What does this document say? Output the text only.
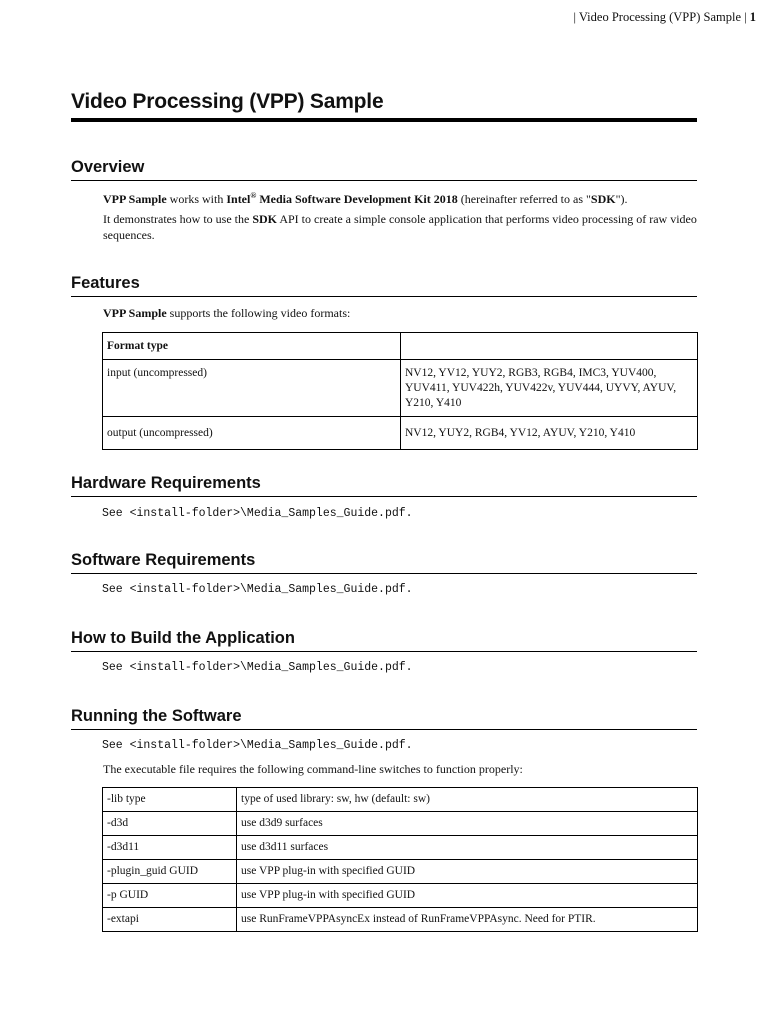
| Video Processing (VPP) Sample | 1
Video Processing (VPP) Sample
Overview

VPP Sample works with Intel® Media Software Development Kit 2018 (hereinafter referred to as "SDK").

It demonstrates how to use the SDK API to create a simple console application that performs video processing of raw video sequences.

Features

VPP Sample supports the following video formats:

Format type	
input (uncompressed)	NV12, YV12, YUY2, RGB3, RGB4, IMC3, YUV400, YUV411, YUV422h, YUV422v, YUV444, UYVY, AYUV, Y210, Y410
output (uncompressed)	NV12, YUY2, RGB4, YV12, AYUV, Y210, Y410
Hardware Requirements

See <install-folder>\Media_Samples_Guide.pdf.

Software Requirements

See <install-folder>\Media_Samples_Guide.pdf.

How to Build the Application

See <install-folder>\Media_Samples_Guide.pdf.

Running the Software

See <install-folder>\Media_Samples_Guide.pdf.

The executable file requires the following command-line switches to function properly:

-lib type	type of used library: sw, hw (default: sw)
-d3d	use d3d9 surfaces
-d3d11	use d3d11 surfaces
-plugin_guid GUID	use VPP plug-in with specified GUID
-p GUID	use VPP plug-in with specified GUID
-extapi	use RunFrameVPPAsyncEx instead of RunFrameVPPAsync. Need for PTIR.
